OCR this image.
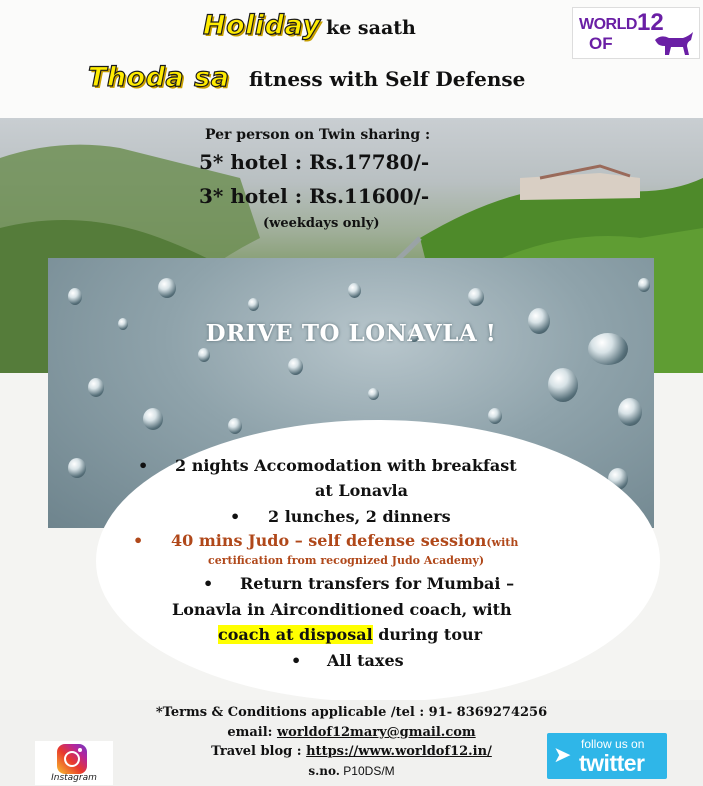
Holiday ke saath
Thoda sa fitness with Self Defense
WORLD
OF
12
Per person on Twin sharing :
5* hotel : Rs.17780/-
3* hotel : Rs.11600/-
(weekdays only)
DRIVE TO LONAVLA !
• 2 nights Accomodation with breakfast
at Lonavla
• 2 lunches, 2 dinners
• 40 mins Judo – self defense session(with
certification from recognized Judo Academy)
• Return transfers for Mumbai –
Lonavla in Airconditioned coach, with
coach at disposal during tour
• All taxes
*Terms & Conditions applicable /tel : 91- 8369274256
email: worldof12mary@gmail.com
Travel blog : https://www.worldof12.in/
s.no. P10DS/M
Instagram
➤ follow us on
twitter
